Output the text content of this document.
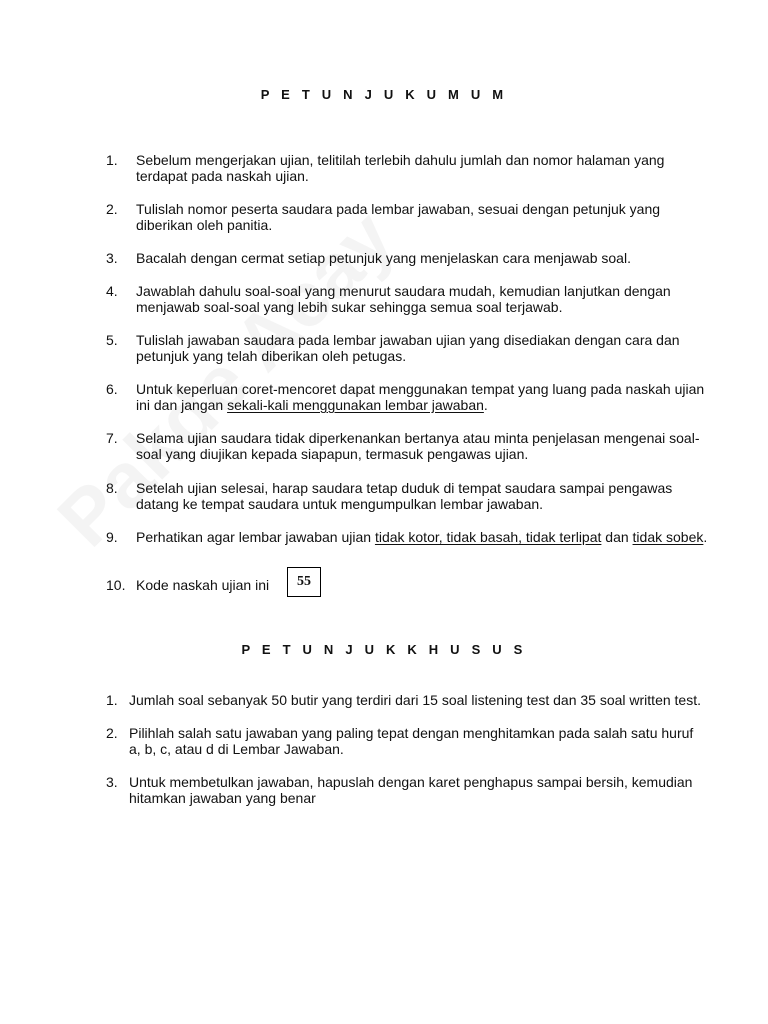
P E T U N J U K U M U M
1. Sebelum mengerjakan ujian, telitilah terlebih dahulu jumlah dan nomor halaman yang terdapat pada naskah ujian.
2. Tulislah nomor peserta saudara pada lembar jawaban, sesuai dengan petunjuk yang diberikan oleh panitia.
3. Bacalah dengan cermat setiap petunjuk yang menjelaskan cara menjawab soal.
4. Jawablah dahulu soal-soal yang menurut saudara mudah, kemudian lanjutkan dengan menjawab soal-soal yang lebih sukar sehingga semua soal terjawab.
5. Tulislah jawaban saudara pada lembar jawaban ujian yang disediakan dengan cara dan petunjuk yang telah diberikan oleh petugas.
6. Untuk keperluan coret-mencoret dapat menggunakan tempat yang luang pada naskah ujian ini dan jangan sekali-kali menggunakan lembar jawaban.
7. Selama ujian saudara tidak diperkenankan bertanya atau minta penjelasan mengenai soal-soal yang diujikan kepada siapapun, termasuk pengawas ujian.
8. Setelah ujian selesai, harap saudara tetap duduk di tempat saudara sampai pengawas datang ke tempat saudara untuk mengumpulkan lembar jawaban.
9. Perhatikan agar lembar jawaban ujian tidak kotor, tidak basah, tidak terlipat dan tidak sobek.
10. Kode naskah ujian ini	55
P E T U N J U K K H U S U S
1. Jumlah soal sebanyak 50 butir yang terdiri dari 15 soal listening test dan 35 soal written test.
2. Pilihlah salah satu jawaban yang paling tepat dengan menghitamkan pada salah satu huruf a, b, c, atau d di Lembar Jawaban.
3. Untuk membetulkan jawaban, hapuslah dengan karet penghapus sampai bersih, kemudian hitamkan jawaban yang benar
